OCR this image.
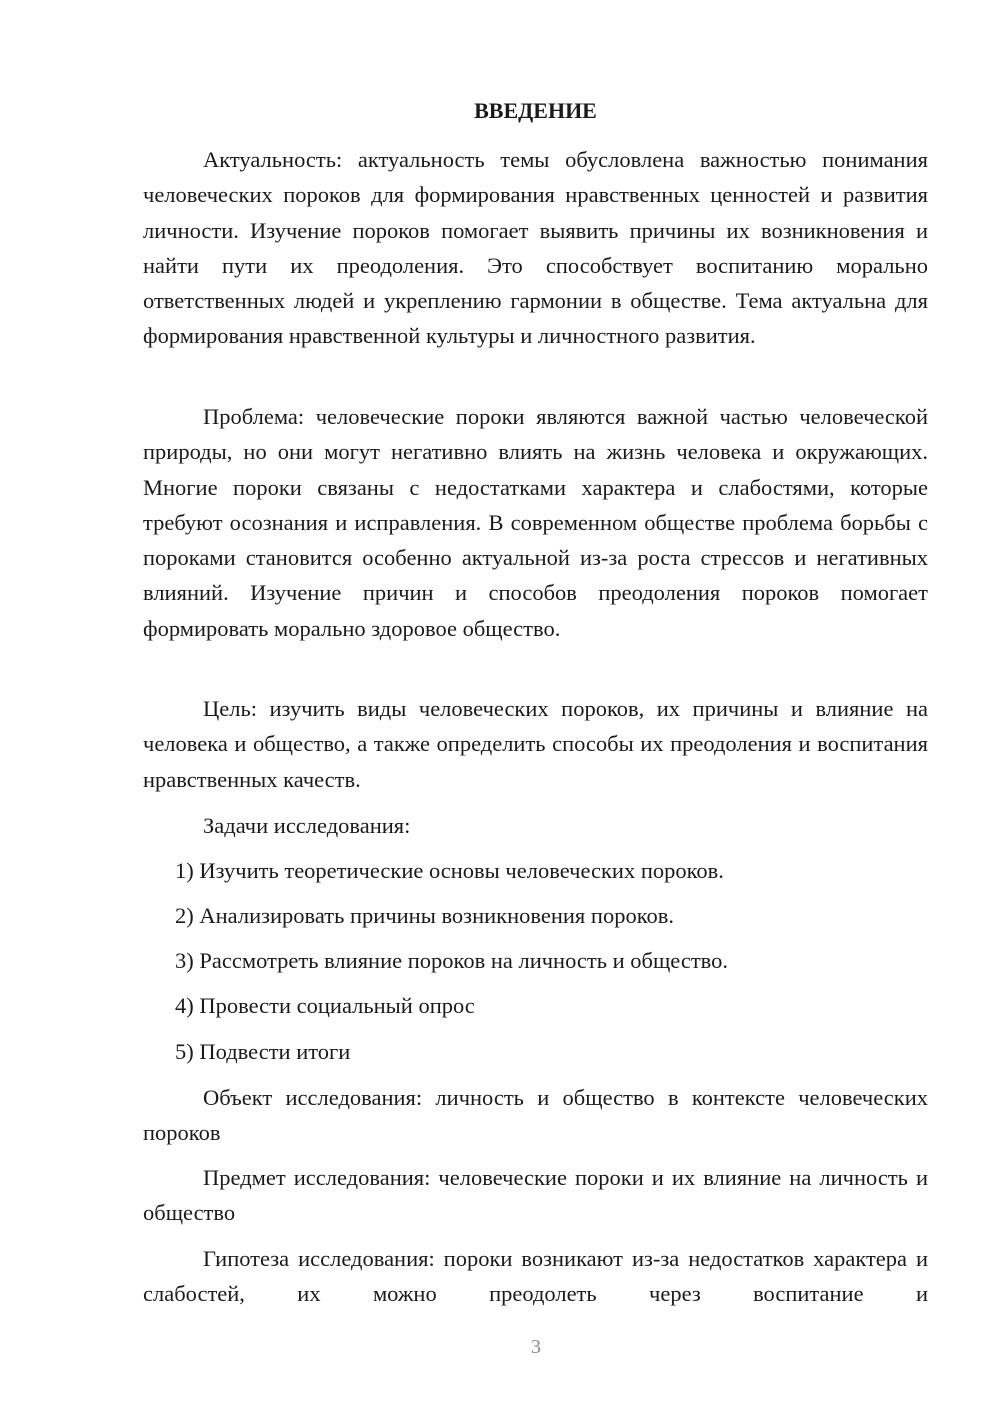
ВВЕДЕНИЕ

Актуальность: актуальность темы обусловлена важностью понимания человеческих пороков для формирования нравственных ценностей и развития личности. Изучение пороков помогает выявить причины их возникновения и найти пути их преодоления. Это способствует воспитанию морально ответственных людей и укреплению гармонии в обществе. Тема актуальна для формирования нравственной культуры и личностного развития.

Проблема: человеческие пороки являются важной частью человеческой природы, но они могут негативно влиять на жизнь человека и окружающих. Многие пороки связаны с недостатками характера и слабостями, которые требуют осознания и исправления. В современном обществе проблема борьбы с пороками становится особенно актуальной из-за роста стрессов и негативных влияний. Изучение причин и способов преодоления пороков помогает формировать морально здоровое общество.

Цель: изучить виды человеческих пороков, их причины и влияние на человека и общество, а также определить способы их преодоления и воспитания нравственных качеств.

Задачи исследования:

1) Изучить теоретические основы человеческих пороков.

2) Анализировать причины возникновения пороков.

3) Рассмотреть влияние пороков на личность и общество.

4) Провести социальный опрос

5) Подвести итоги

Объект исследования: личность и общество в контексте человеческих пороков

Предмет исследования: человеческие пороки и их влияние на личность и общество

Гипотеза исследования: пороки возникают из-за недостатков характера и слабостей, их можно преодолеть через воспитание и

3
